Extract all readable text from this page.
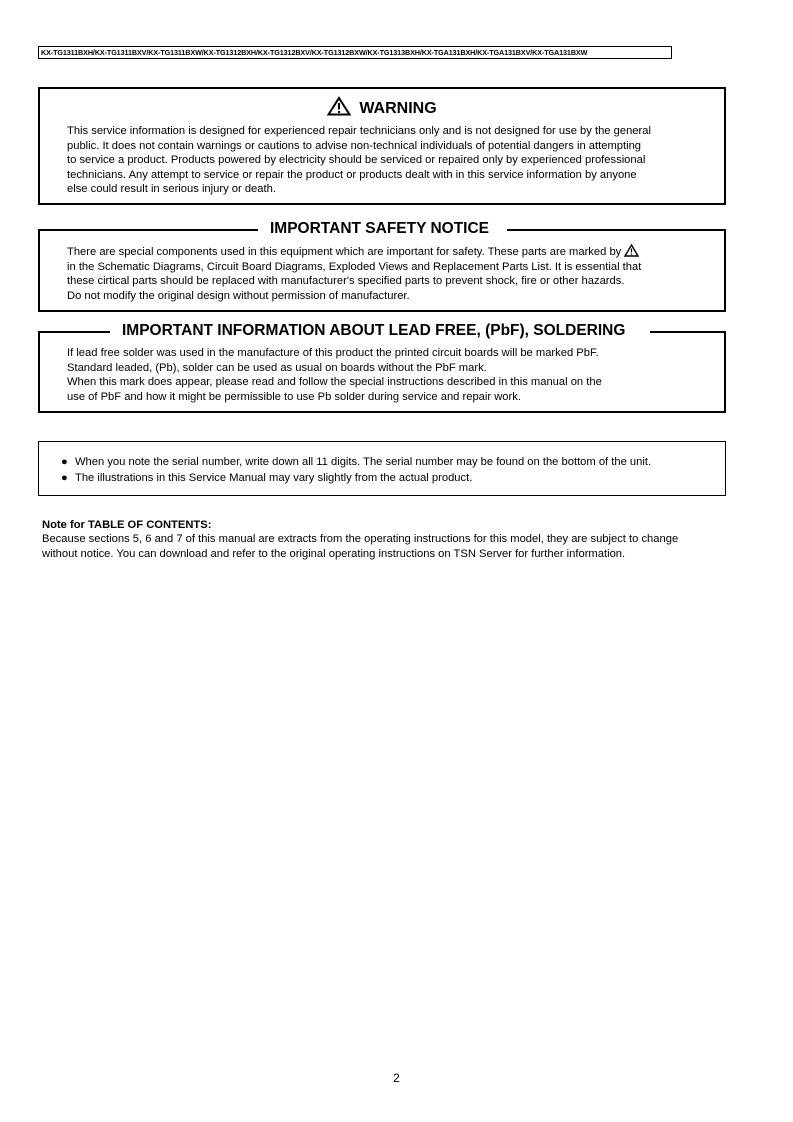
KX-TG1311BXH/KX-TG1311BXV/KX-TG1311BXW/KX-TG1312BXH/KX-TG1312BXV/KX-TG1312BXW/KX-TG1313BXH/KX-TGA131BXH/KX-TGA131BXV/KX-TGA131BXW
WARNING

This service information is designed for experienced repair technicians only and is not designed for use by the general
public. It does not contain warnings or cautions to advise non-technical individuals of potential dangers in attempting
to service a product. Products powered by electricity should be serviced or repaired only by experienced professional
technicians. Any attempt to service or repair the product or products dealt with in this service information by anyone
else could result in serious injury or death.

IMPORTANT SAFETY NOTICE

There are special components used in this equipment which are important for safety. These parts are marked by
in the Schematic Diagrams, Circuit Board Diagrams, Exploded Views and Replacement Parts List. It is essential that
these cirtical parts should be replaced with manufacturer's specified parts to prevent shock, fire or other hazards.
Do not modify the original design without permission of manufacturer.

IMPORTANT INFORMATION ABOUT LEAD FREE, (PbF), SOLDERING

If lead free solder was used in the manufacture of this product the printed circuit boards will be marked PbF.
Standard leaded, (Pb), solder can be used as usual on boards without the PbF mark.
When this mark does appear, please read and follow the special instructions described in this manual on the
use of PbF and how it might be permissible to use Pb solder during service and repair work.

● When you note the serial number, write down all 11 digits. The serial number may be found on the bottom of the unit.
● The illustrations in this Service Manual may vary slightly from the actual product.

Note for TABLE OF CONTENTS:

Because sections 5, 6 and 7 of this manual are extracts from the operating instructions for this model, they are subject to change
without notice. You can download and refer to the original operating instructions on TSN Server for further information.

2
